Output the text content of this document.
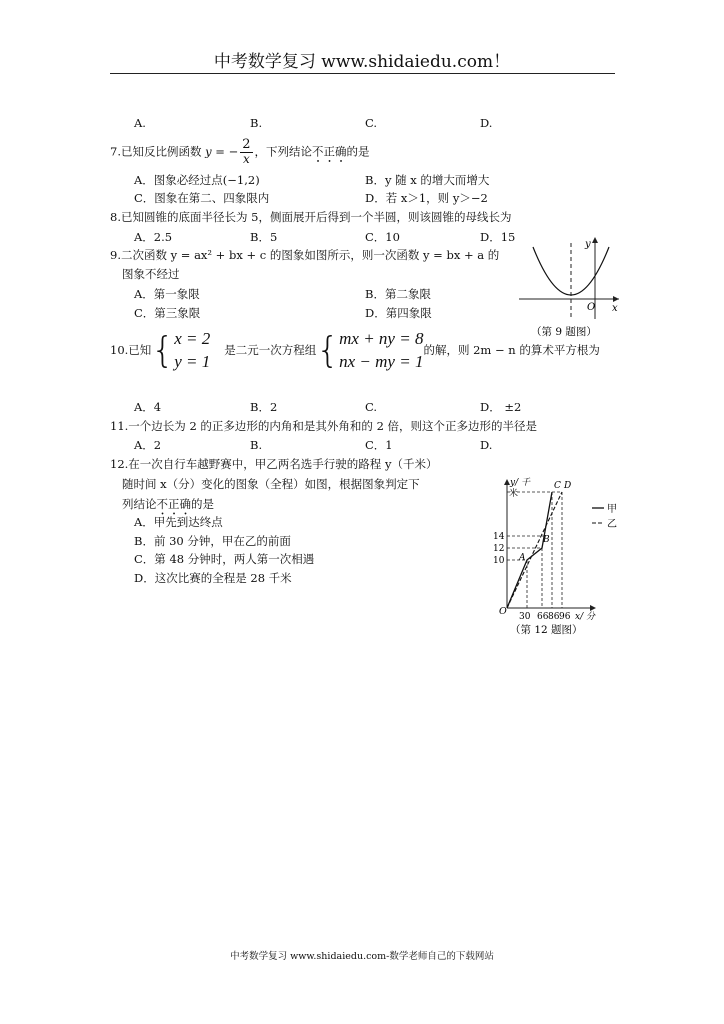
中考数学复习 www.shidaiedu.com！
A.	B.	C.	D.
7.已知反比例函数 y = − $\frac{2}{x}$ ，下列结论不正确的是
A．图象必经过点(−1,2)	B．y 随 x 的增大而增大
C．图象在第二、四象限内	D．若 x＞1，则 y＞−2
8.已知圆锥的底面半径长为 5，侧面展开后得到一个半圆，则该圆锥的母线长为
A．2.5	B．5	C．10	D．15
9.二次函数 y = ax² + bx + c 的图象如图所示，则一次函数 y = bx + a 的
图象不经过
A．第一象限	B．第二象限
C．第三象限	D．第四象限
y
x
O
（第 9 题图）
10.已知{ x = 2
y = 1
是二元一次方程组{ mx + ny = 8
nx − my = 1
的解，则 2m − n 的算术平方根为
A．4	B．2	C.	D． ±2
11.一个边长为 2 的正多边形的内角和是其外角和的 2 倍，则这个正多边形的半径是
A．2	B.	C．1	D.
12.在一次自行车越野赛中，甲乙两名选手行驶的路程 y（千米）
随时间 x（分）变化的图象（全程）如图，根据图象判定下
列结论不正确的是
A．甲先到达终点
B．前 30 分钟，甲在乙的前面
C．第 48 分钟时，两人第一次相遇
D．这次比赛的全程是 28 千米
y/ 千
米
x/ 分
O
14
12
10
30 66 86 96
A
B
C D
甲
乙
（第 12 题图）
中考数学复习 www.shidaiedu.com-数学老师自己的下载网站
